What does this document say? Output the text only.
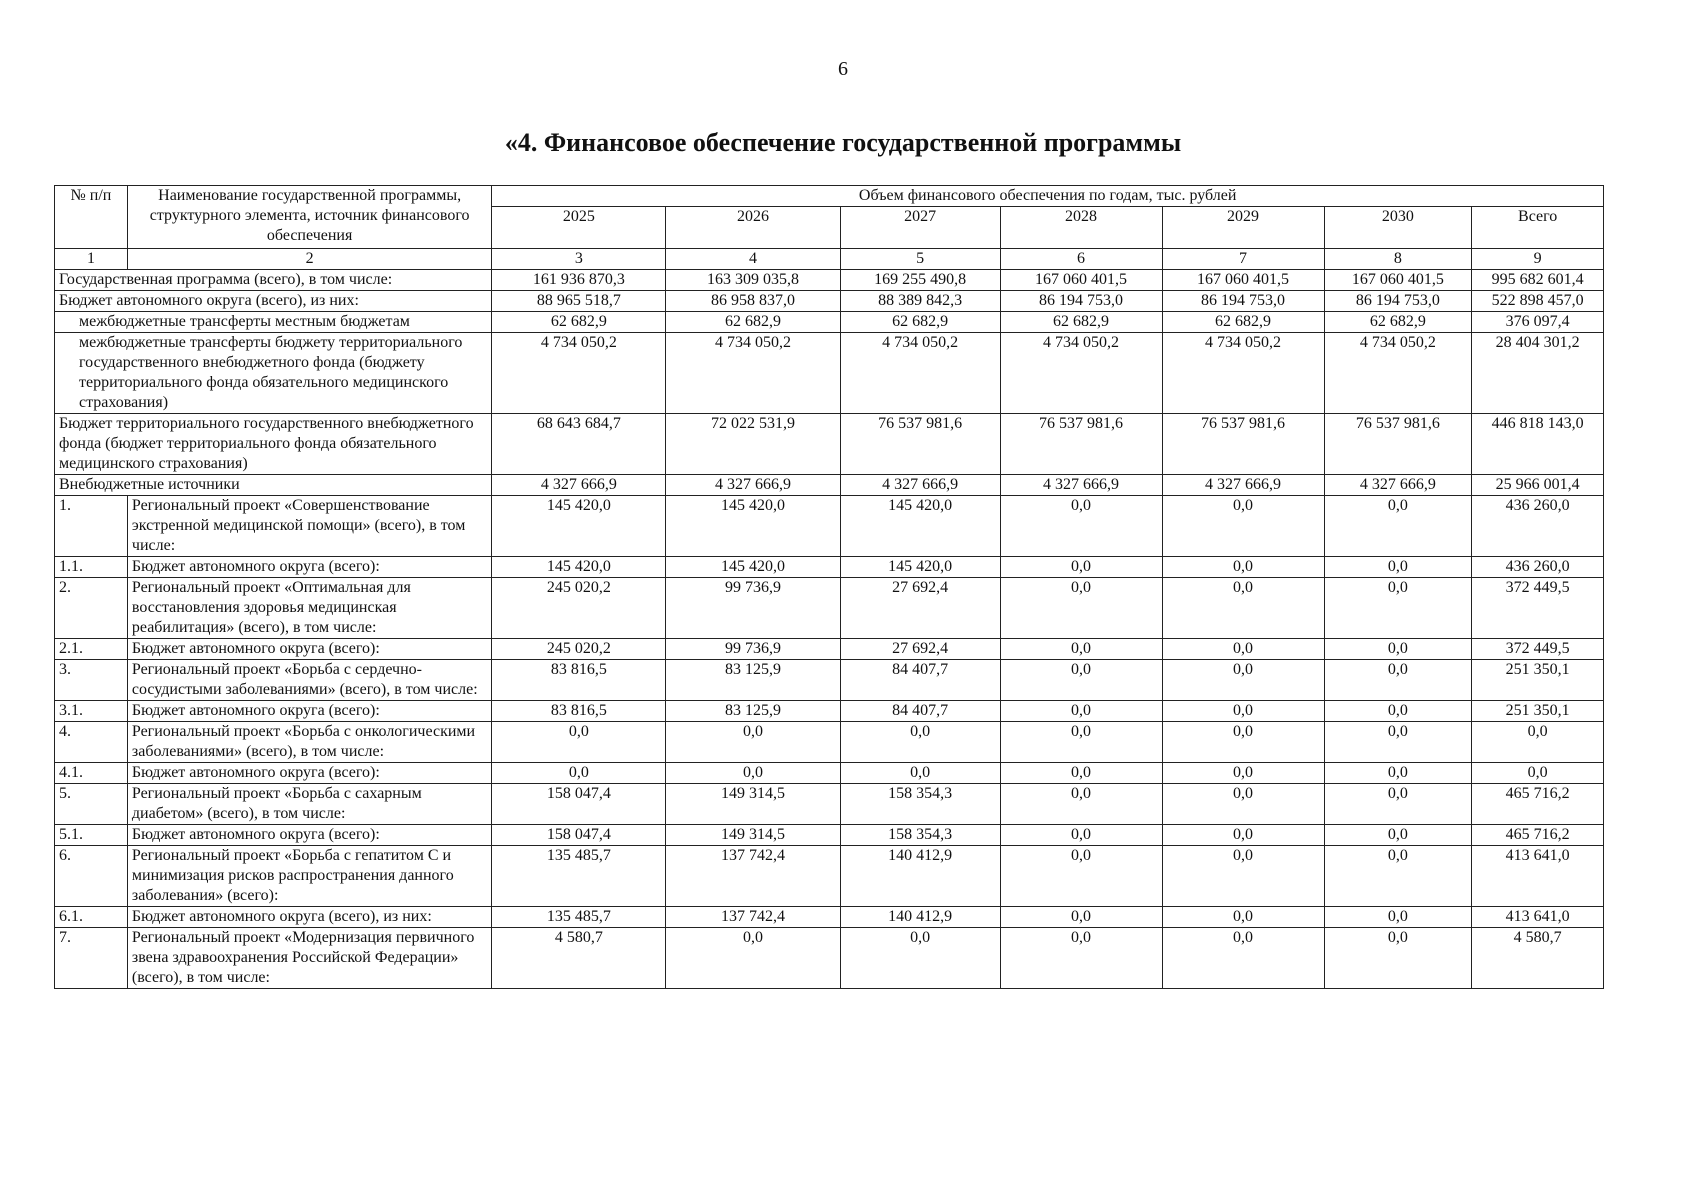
6
«4. Финансовое обеспечение государственной программы
№ п/п	Наименование государственной программы, структурного элемента, источник финансового обеспечения	Объем финансового обеспечения по годам, тыс. рублей						
		2025	2026	2027	2028	2029	2030	Всего
1	2	3	4	5	6	7	8	9
Государственная программа (всего), в том числе:		161 936 870,3	163 309 035,8	169 255 490,8	167 060 401,5	167 060 401,5	167 060 401,5	995 682 601,4
Бюджет автономного округа (всего), из них:		88 965 518,7	86 958 837,0	88 389 842,3	86 194 753,0	86 194 753,0	86 194 753,0	522 898 457,0
межбюджетные трансферты местным бюджетам		62 682,9	62 682,9	62 682,9	62 682,9	62 682,9	62 682,9	376 097,4
межбюджетные трансферты бюджету территориального государственного внебюджетного фонда (бюджету территориального фонда обязательного медицинского страхования)		4 734 050,2	4 734 050,2	4 734 050,2	4 734 050,2	4 734 050,2	4 734 050,2	28 404 301,2
Бюджет территориального государственного внебюджетного фонда (бюджет территориального фонда обязательного медицинского страхования)		68 643 684,7	72 022 531,9	76 537 981,6	76 537 981,6	76 537 981,6	76 537 981,6	446 818 143,0
Внебюджетные источники		4 327 666,9	4 327 666,9	4 327 666,9	4 327 666,9	4 327 666,9	4 327 666,9	25 966 001,4
1.	Региональный проект «Совершенствование экстренной медицинской помощи» (всего), в том числе:	145 420,0	145 420,0	145 420,0	0,0	0,0	0,0	436 260,0
1.1.	Бюджет автономного округа (всего):	145 420,0	145 420,0	145 420,0	0,0	0,0	0,0	436 260,0
2.	Региональный проект «Оптимальная для восстановления здоровья медицинская реабилитация» (всего), в том числе:	245 020,2	99 736,9	27 692,4	0,0	0,0	0,0	372 449,5
2.1.	Бюджет автономного округа (всего):	245 020,2	99 736,9	27 692,4	0,0	0,0	0,0	372 449,5
3.	Региональный проект «Борьба с сердечно-сосудистыми заболеваниями» (всего), в том числе:	83 816,5	83 125,9	84 407,7	0,0	0,0	0,0	251 350,1
3.1.	Бюджет автономного округа (всего):	83 816,5	83 125,9	84 407,7	0,0	0,0	0,0	251 350,1
4.	Региональный проект «Борьба с онкологическими заболеваниями» (всего), в том числе:	0,0	0,0	0,0	0,0	0,0	0,0	0,0
4.1.	Бюджет автономного округа (всего):	0,0	0,0	0,0	0,0	0,0	0,0	0,0
5.	Региональный проект «Борьба с сахарным диабетом» (всего), в том числе:	158 047,4	149 314,5	158 354,3	0,0	0,0	0,0	465 716,2
5.1.	Бюджет автономного округа (всего):	158 047,4	149 314,5	158 354,3	0,0	0,0	0,0	465 716,2
6.	Региональный проект «Борьба с гепатитом С и минимизация рисков распространения данного заболевания» (всего):	135 485,7	137 742,4	140 412,9	0,0	0,0	0,0	413 641,0
6.1.	Бюджет автономного округа (всего), из них:	135 485,7	137 742,4	140 412,9	0,0	0,0	0,0	413 641,0
7.	Региональный проект «Модернизация первичного звена здравоохранения Российской Федерации» (всего), в том числе:	4 580,7	0,0	0,0	0,0	0,0	0,0	4 580,7
